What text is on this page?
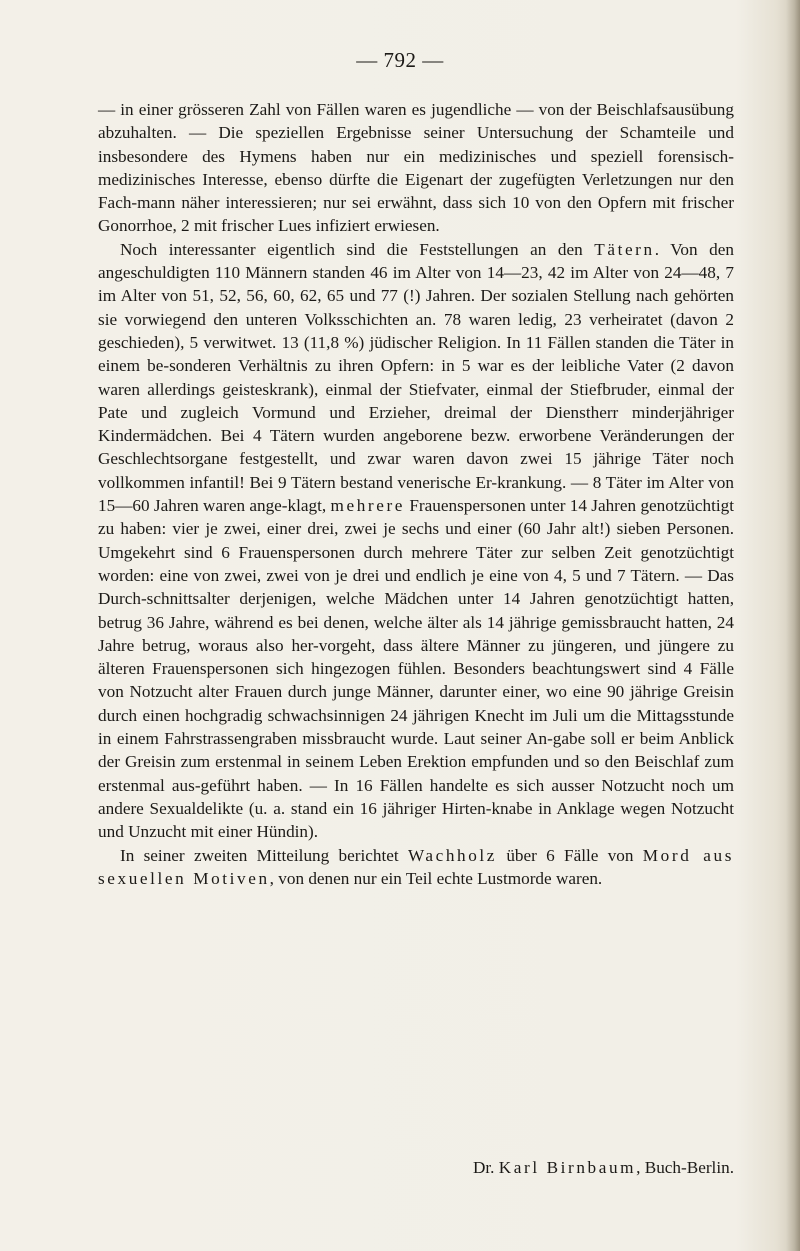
— 792 —

— in einer grösseren Zahl von Fällen waren es jugendliche — von der Beischlafsausübung abzuhalten. — Die speziellen Ergebnisse seiner Untersuchung der Schamteile und insbesondere des Hymens haben nur ein medizinisches und speziell forensisch-medizinisches Interesse, ebenso dürfte die Eigenart der zugefügten Verletzungen nur den Fach-mann näher interessieren; nur sei erwähnt, dass sich 10 von den Opfern mit frischer Gonorrhoe, 2 mit frischer Lues infiziert erwiesen.

Noch interessanter eigentlich sind die Feststellungen an den Tätern. Von den angeschuldigten 110 Männern standen 46 im Alter von 14—23, 42 im Alter von 24—48, 7 im Alter von 51, 52, 56, 60, 62, 65 und 77 (!) Jahren. Der sozialen Stellung nach gehörten sie vorwiegend den unteren Volksschichten an. 78 waren ledig, 23 verheiratet (davon 2 geschieden), 5 verwitwet. 13 (11,8 %) jüdischer Religion. In 11 Fällen standen die Täter in einem be-sonderen Verhältnis zu ihren Opfern: in 5 war es der leibliche Vater (2 davon waren allerdings geisteskrank), einmal der Stiefvater, einmal der Stiefbruder, einmal der Pate und zugleich Vormund und Erzieher, dreimal der Dienstherr minderjähriger Kindermädchen. Bei 4 Tätern wurden angeborene bezw. erworbene Veränderungen der Geschlechtsorgane festgestellt, und zwar waren davon zwei 15 jährige Täter noch vollkommen infantil! Bei 9 Tätern bestand venerische Er-krankung. — 8 Täter im Alter von 15—60 Jahren waren ange-klagt, mehrere Frauenspersonen unter 14 Jahren genotzüchtigt zu haben: vier je zwei, einer drei, zwei je sechs und einer (60 Jahr alt!) sieben Personen. Umgekehrt sind 6 Frauenspersonen durch mehrere Täter zur selben Zeit genotzüchtigt worden: eine von zwei, zwei von je drei und endlich je eine von 4, 5 und 7 Tätern. — Das Durch-schnittsalter derjenigen, welche Mädchen unter 14 Jahren genotzüchtigt hatten, betrug 36 Jahre, während es bei denen, welche älter als 14 jährige gemissbraucht hatten, 24 Jahre betrug, woraus also her-vorgeht, dass ältere Männer zu jüngeren, und jüngere zu älteren Frauenspersonen sich hingezogen fühlen. Besonders beachtungswert sind 4 Fälle von Notzucht alter Frauen durch junge Männer, darunter einer, wo eine 90 jährige Greisin durch einen hochgradig schwachsinnigen 24 jährigen Knecht im Juli um die Mittagsstunde in einem Fahrstrassengraben missbraucht wurde. Laut seiner An-gabe soll er beim Anblick der Greisin zum erstenmal in seinem Leben Erektion empfunden und so den Beischlaf zum erstenmal aus-geführt haben. — In 16 Fällen handelte es sich ausser Notzucht noch um andere Sexualdelikte (u. a. stand ein 16 jähriger Hirten-knabe in Anklage wegen Notzucht und Unzucht mit einer Hündin).

In seiner zweiten Mitteilung berichtet Wachholz über 6 Fälle von Mord aus sexuellen Motiven, von denen nur ein Teil echte Lustmorde waren.

Dr. Karl Birnbaum, Buch-Berlin.
